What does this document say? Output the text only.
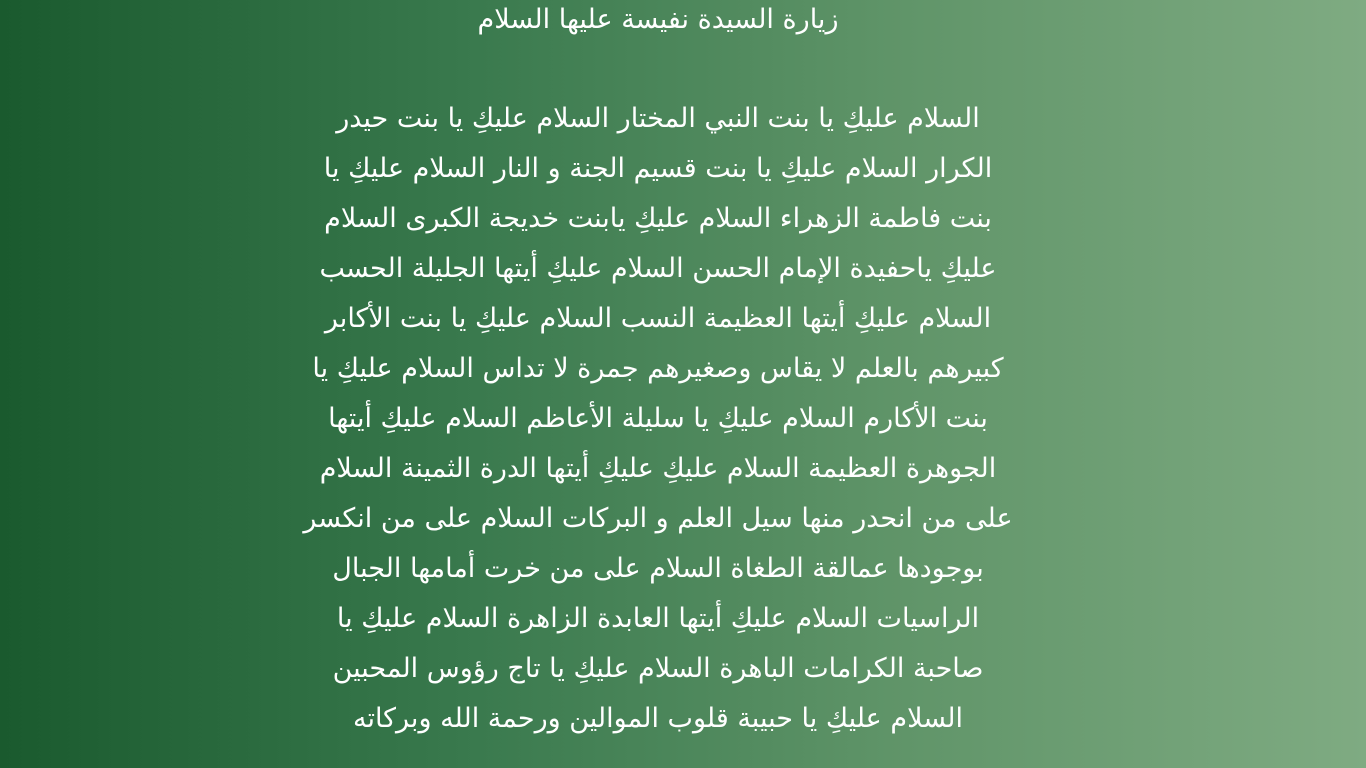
زيارة السيدة نفيسة عليها السلام
السلام عليكِ يا بنت النبي المختار السلام عليكِ يا بنت حيدر
الكرار السلام عليكِ يا بنت قسيم الجنة و النار السلام عليكِ يا
بنت فاطمة الزهراء السلام عليكِ يابنت خديجة الكبرى السلام
عليكِ ياحفيدة الإمام الحسن السلام عليكِ أيتها الجليلة الحسب
السلام عليكِ أيتها العظيمة النسب السلام عليكِ يا بنت الأكابر
كبيرهم بالعلم لا يقاس وصغيرهم جمرة لا تداس السلام عليكِ يا
بنت الأكارم السلام عليكِ يا سليلة الأعاظم السلام عليكِ أيتها
الجوهرة العظيمة السلام عليكِ عليكِ أيتها الدرة الثمينة السلام
على من انحدر منها سيل العلم و البركات السلام على من انكسر
بوجودها عمالقة الطغاة السلام على من خرت أمامها الجبال
الراسيات السلام عليكِ أيتها العابدة الزاهرة السلام عليكِ يا
صاحبة الكرامات الباهرة السلام عليكِ يا تاج رؤوس المحبين
السلام عليكِ يا حبيبة قلوب الموالين ورحمة الله وبركاته
